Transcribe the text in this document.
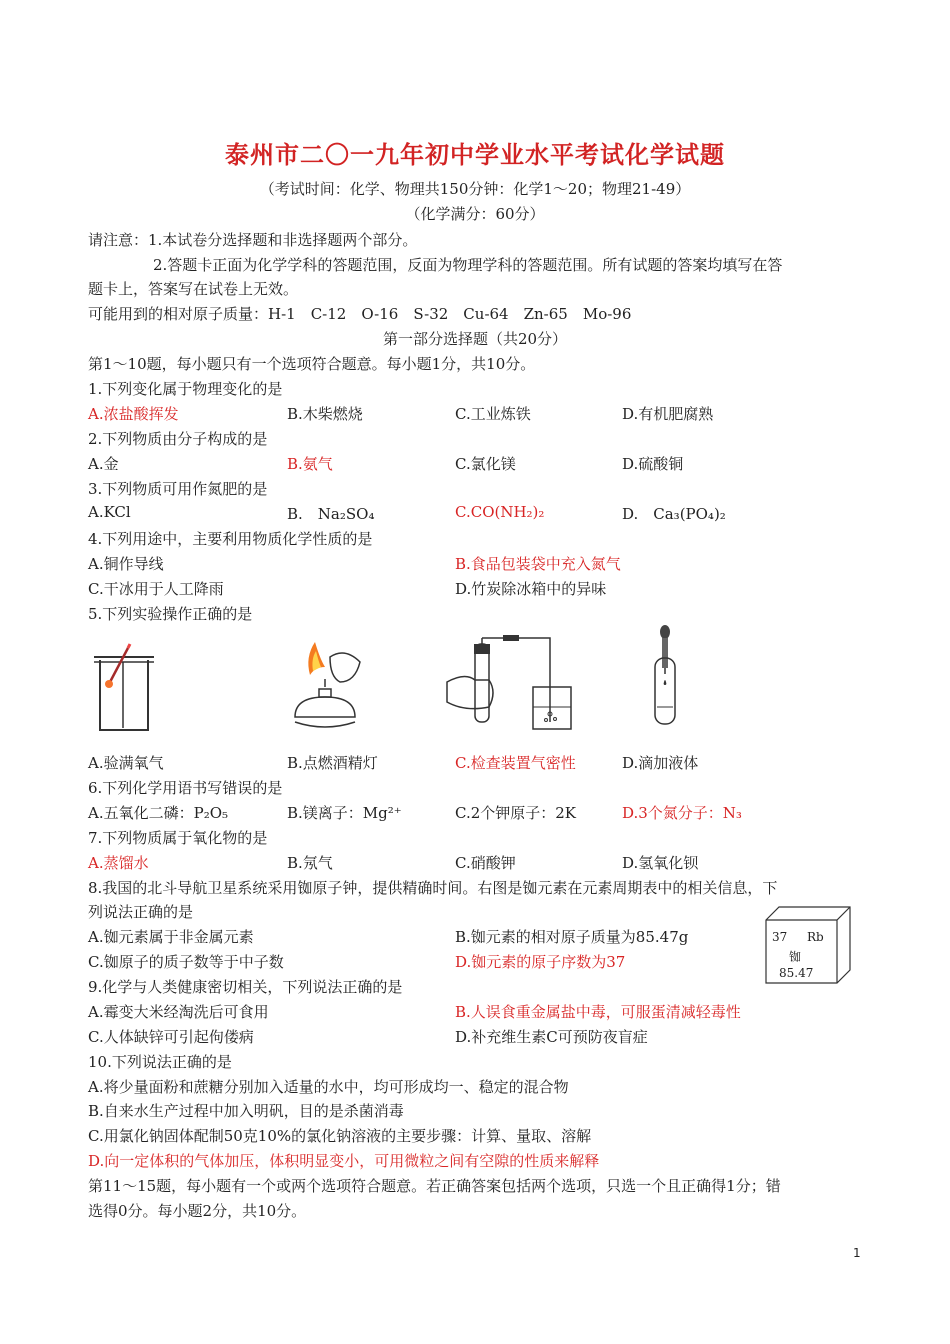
泰州市二〇一九年初中学业水平考试化学试题
（考试时间：化学、物理共150分钟：化学1～20；物理21-49）
（化学满分：60分）
请注意：1.本试卷分选择题和非选择题两个部分。
2.答题卡正面为化学学科的答题范围，反面为物理学科的答题范围。所有试题的答案均填写在答
题卡上，答案写在试卷上无效。
可能用到的相对原子质量：H-1　C-12　O-16　S-32　Cu-64　Zn-65　Mo-96
第一部分选择题（共20分）
第1～10题，每小题只有一个选项符合题意。每小题1分，共10分。
1.下列变化属于物理变化的是
A.浓盐酸挥发	B.木柴燃烧	C.工业炼铁	D.有机肥腐熟
2.下列物质由分子构成的是
A.金	B.氨气	C.氯化镁	D.硫酸铜
3.下列物质可用作氮肥的是
A.KCl	B.　Na₂SO₄	C.CO(NH₂)₂	D.　Ca₃(PO₄)₂
4.下列用途中，主要利用物质化学性质的是
A.铜作导线	B.食品包装袋中充入氮气
C.干冰用于人工降雨	D.竹炭除冰箱中的异味
5.下列实验操作正确的是
A.验满氧气	B.点燃酒精灯	C.检查装置气密性	D.滴加液体
6.下列化学用语书写错误的是
A.五氧化二磷：P₂O₅	B.镁离子：Mg²⁺	C.2个钾原子：2K	D.3个氮分子：N₃
7.下列物质属于氧化物的是
A.蒸馏水	B.氖气	C.硝酸钾	D.氢氧化钡
8.我国的北斗导航卫星系统采用铷原子钟，提供精确时间。右图是铷元素在元素周期表中的相关信息，下
列说法正确的是
A.铷元素属于非金属元素	B.铷元素的相对原子质量为85.47g
C.铷原子的质子数等于中子数	D.铷元素的原子序数为37
37 Rb
铷
85.47
9.化学与人类健康密切相关，下列说法正确的是
A.霉变大米经淘洗后可食用	B.人误食重金属盐中毒，可服蛋清减轻毒性
C.人体缺锌可引起佝偻病	D.补充维生素C可预防夜盲症
10.下列说法正确的是
A.将少量面粉和蔗糖分别加入适量的水中，均可形成均一、稳定的混合物
B.自来水生产过程中加入明矾，目的是杀菌消毒
C.用氯化钠固体配制50克10%的氯化钠溶液的主要步骤：计算、量取、溶解
D.向一定体积的气体加压，体积明显变小，可用微粒之间有空隙的性质来解释
第11～15题，每小题有一个或两个选项符合题意。若正确答案包括两个选项，只选一个且正确得1分；错
选得0分。每小题2分，共10分。
1
